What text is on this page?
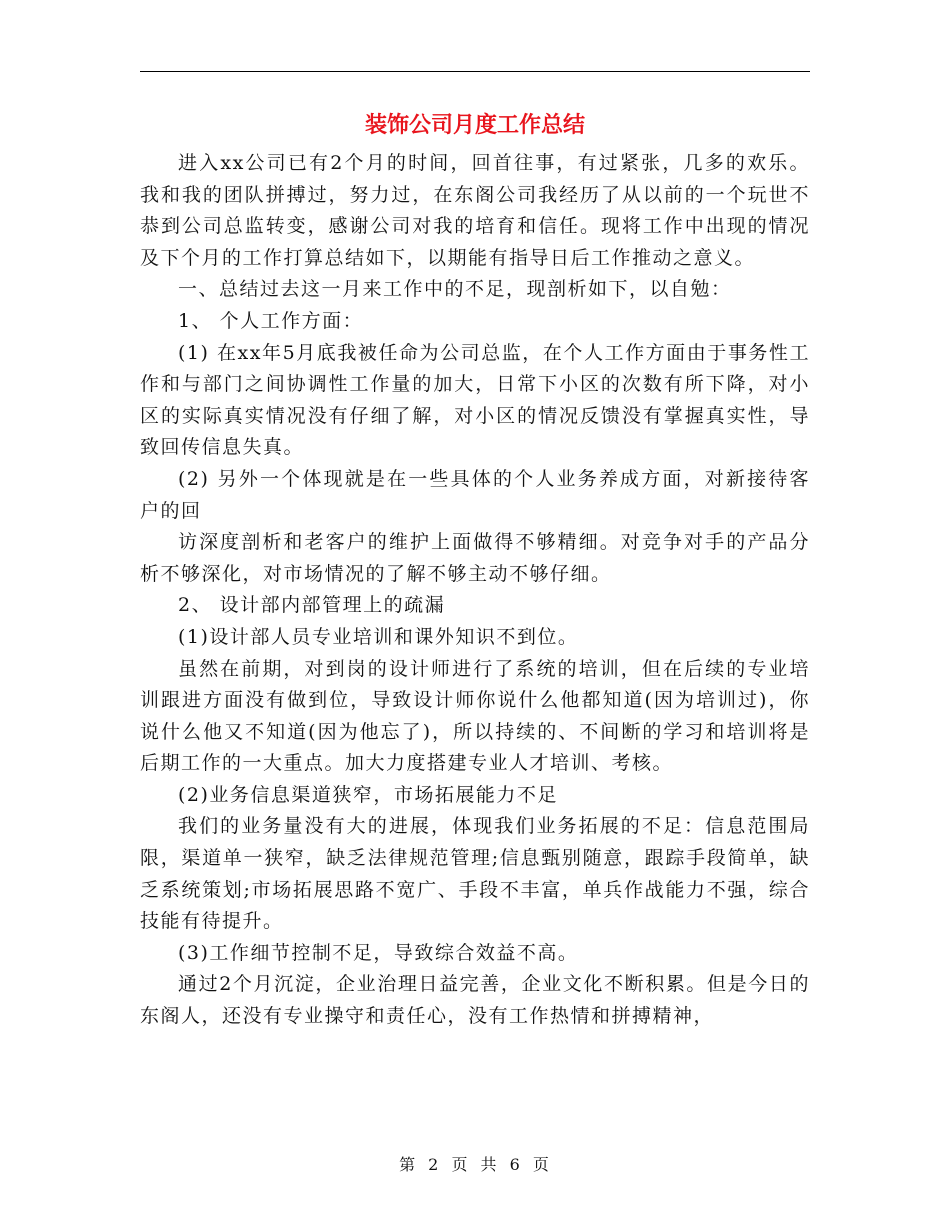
装饰公司月度工作总结

进入xx公司已有2个月的时间，回首往事，有过紧张，几多的欢乐。我和我的团队拼搏过，努力过，在东阁公司我经历了从以前的一个玩世不恭到公司总监转变，感谢公司对我的培育和信任。现将工作中出现的情况及下个月的工作打算总结如下，以期能有指导日后工作推动之意义。

一、总结过去这一月来工作中的不足，现剖析如下，以自勉：

1、 个人工作方面：

(1) 在xx年5月底我被任命为公司总监，在个人工作方面由于事务性工作和与部门之间协调性工作量的加大，日常下小区的次数有所下降，对小区的实际真实情况没有仔细了解，对小区的情况反馈没有掌握真实性，导致回传信息失真。

(2) 另外一个体现就是在一些具体的个人业务养成方面，对新接待客户的回

访深度剖析和老客户的维护上面做得不够精细。对竞争对手的产品分析不够深化，对市场情况的了解不够主动不够仔细。

2、 设计部内部管理上的疏漏

(1)设计部人员专业培训和课外知识不到位。

虽然在前期，对到岗的设计师进行了系统的培训，但在后续的专业培训跟进方面没有做到位，导致设计师你说什么他都知道(因为培训过)，你说什么他又不知道(因为他忘了)，所以持续的、不间断的学习和培训将是后期工作的一大重点。加大力度搭建专业人才培训、考核。

(2)业务信息渠道狭窄，市场拓展能力不足

我们的业务量没有大的进展，体现我们业务拓展的不足：信息范围局限，渠道单一狭窄，缺乏法律规范管理;信息甄别随意，跟踪手段简单，缺乏系统策划;市场拓展思路不宽广、手段不丰富，单兵作战能力不强，综合技能有待提升。

(3)工作细节控制不足，导致综合效益不高。

通过2个月沉淀，企业治理日益完善，企业文化不断积累。但是今日的东阁人，还没有专业操守和责任心，没有工作热情和拼搏精神，

第 2 页 共 6 页
